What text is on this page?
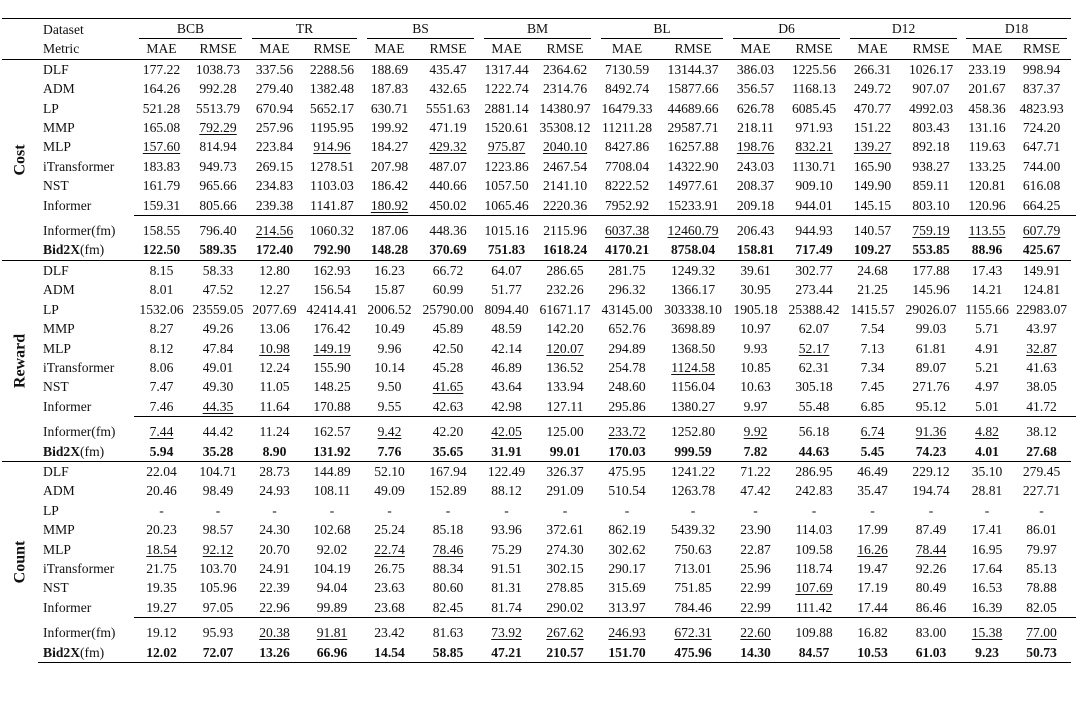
	Dataset	BCB		TR		BS		BM		BL		D6		D12		D18		
	Metric	MAE	RMSE	MAE	RMSE	MAE	RMSE	MAE	RMSE	MAE	RMSE	MAE	RMSE	MAE	RMSE	MAE	RMSE	

Cost	DLF	177.22	1038.73	337.56	2288.56	188.69	435.47	1317.44	2364.62	7130.59	13144.37	386.03	1225.56	266.31	1026.17	233.19	998.94	
	ADM	164.26	992.28	279.40	1382.48	187.83	432.65	1222.74	2314.76	8492.74	15877.66	356.57	1168.13	249.72	907.07	201.67	837.37	
	LP	521.28	5513.79	670.94	5652.17	630.71	5551.63	2881.14	14380.97	16479.33	44689.66	626.78	6085.45	470.77	4992.03	458.36	4823.93	
	MMP	165.08	792.29	257.96	1195.95	199.92	471.19	1520.61	35308.12	11211.28	29587.71	218.11	971.93	151.22	803.43	131.16	724.20	
	MLP	157.60	814.94	223.84	914.96	184.27	429.32	975.87	2040.10	8427.86	16257.88	198.76	832.21	139.27	892.18	119.63	647.71	
	iTransformer	183.83	949.73	269.15	1278.51	207.98	487.07	1223.86	2467.54	7708.04	14322.90	243.03	1130.71	165.90	938.27	133.25	744.00	
	NST	161.79	965.66	234.83	1103.03	186.42	440.66	1057.50	2141.10	8222.52	14977.61	208.37	909.10	149.90	859.11	120.81	616.08	
	Informer	159.31	805.66	239.38	1141.87	180.92	450.02	1065.46	2220.36	7952.92	15233.91	209.18	944.01	145.15	803.10	120.96	664.25	

	Informer(fm)	158.55	796.40	214.56	1060.32	187.06	448.36	1015.16	2115.96	6037.38	12460.79	206.43	944.93	140.57	759.19	113.55	607.79	
	Bid2X(fm)	122.50	589.35	172.40	792.90	148.28	370.69	751.83	1618.24	4170.21	8758.04	158.81	717.49	109.27	553.85	88.96	425.67	

Reward	DLF	8.15	58.33	12.80	162.93	16.23	66.72	64.07	286.65	281.75	1249.32	39.61	302.77	24.68	177.88	17.43	149.91	
	ADM	8.01	47.52	12.27	156.54	15.87	60.99	51.77	232.26	296.32	1366.17	30.95	273.44	21.25	145.96	14.21	124.81	
	LP	1532.06	23559.05	2077.69	42414.41	2006.52	25790.00	8094.40	61671.17	43145.00	303338.10	1905.18	25388.42	1415.57	29026.07	1155.66	22983.07	
	MMP	8.27	49.26	13.06	176.42	10.49	45.89	48.59	142.20	652.76	3698.89	10.97	62.07	7.54	99.03	5.71	43.97	
	MLP	8.12	47.84	10.98	149.19	9.96	42.50	42.14	120.07	294.89	1368.50	9.93	52.17	7.13	61.81	4.91	32.87	
	iTransformer	8.06	49.01	12.24	155.90	10.14	45.28	46.89	136.52	254.78	1124.58	10.85	62.31	7.34	89.07	5.21	41.63	
	NST	7.47	49.30	11.05	148.25	9.50	41.65	43.64	133.94	248.60	1156.04	10.63	305.18	7.45	271.76	4.97	38.05	
	Informer	7.46	44.35	11.64	170.88	9.55	42.63	42.98	127.11	295.86	1380.27	9.97	55.48	6.85	95.12	5.01	41.72	

	Informer(fm)	7.44	44.42	11.24	162.57	9.42	42.20	42.05	125.00	233.72	1252.80	9.92	56.18	6.74	91.36	4.82	38.12	
	Bid2X(fm)	5.94	35.28	8.90	131.92	7.76	35.65	31.91	99.01	170.03	999.59	7.82	44.63	5.45	74.23	4.01	27.68	

Count	DLF	22.04	104.71	28.73	144.89	52.10	167.94	122.49	326.37	475.95	1241.22	71.22	286.95	46.49	229.12	35.10	279.45	
	ADM	20.46	98.49	24.93	108.11	49.09	152.89	88.12	291.09	510.54	1263.78	47.42	242.83	35.47	194.74	28.81	227.71	
	LP	-	-	-	-	-	-	-	-	-	-	-	-	-	-	-	-	
	MMP	20.23	98.57	24.30	102.68	25.24	85.18	93.96	372.61	862.19	5439.32	23.90	114.03	17.99	87.49	17.41	86.01	
	MLP	18.54	92.12	20.70	92.02	22.74	78.46	75.29	274.30	302.62	750.63	22.87	109.58	16.26	78.44	16.95	79.97	
	iTransformer	21.75	103.70	24.91	104.19	26.75	88.34	91.51	302.15	290.17	713.01	25.96	118.74	19.47	92.26	17.64	85.13	
	NST	19.35	105.96	22.39	94.04	23.63	80.60	81.31	278.85	315.69	751.85	22.99	107.69	17.19	80.49	16.53	78.88	
	Informer	19.27	97.05	22.96	99.89	23.68	82.45	81.74	290.02	313.97	784.46	22.99	111.42	17.44	86.46	16.39	82.05	

	Informer(fm)	19.12	95.93	20.38	91.81	23.42	81.63	73.92	267.62	246.93	672.31	22.60	109.88	16.82	83.00	15.38	77.00	
	Bid2X(fm)	12.02	72.07	13.26	66.96	14.54	58.85	47.21	210.57	151.70	475.96	14.30	84.57	10.53	61.03	9.23	50.73	
